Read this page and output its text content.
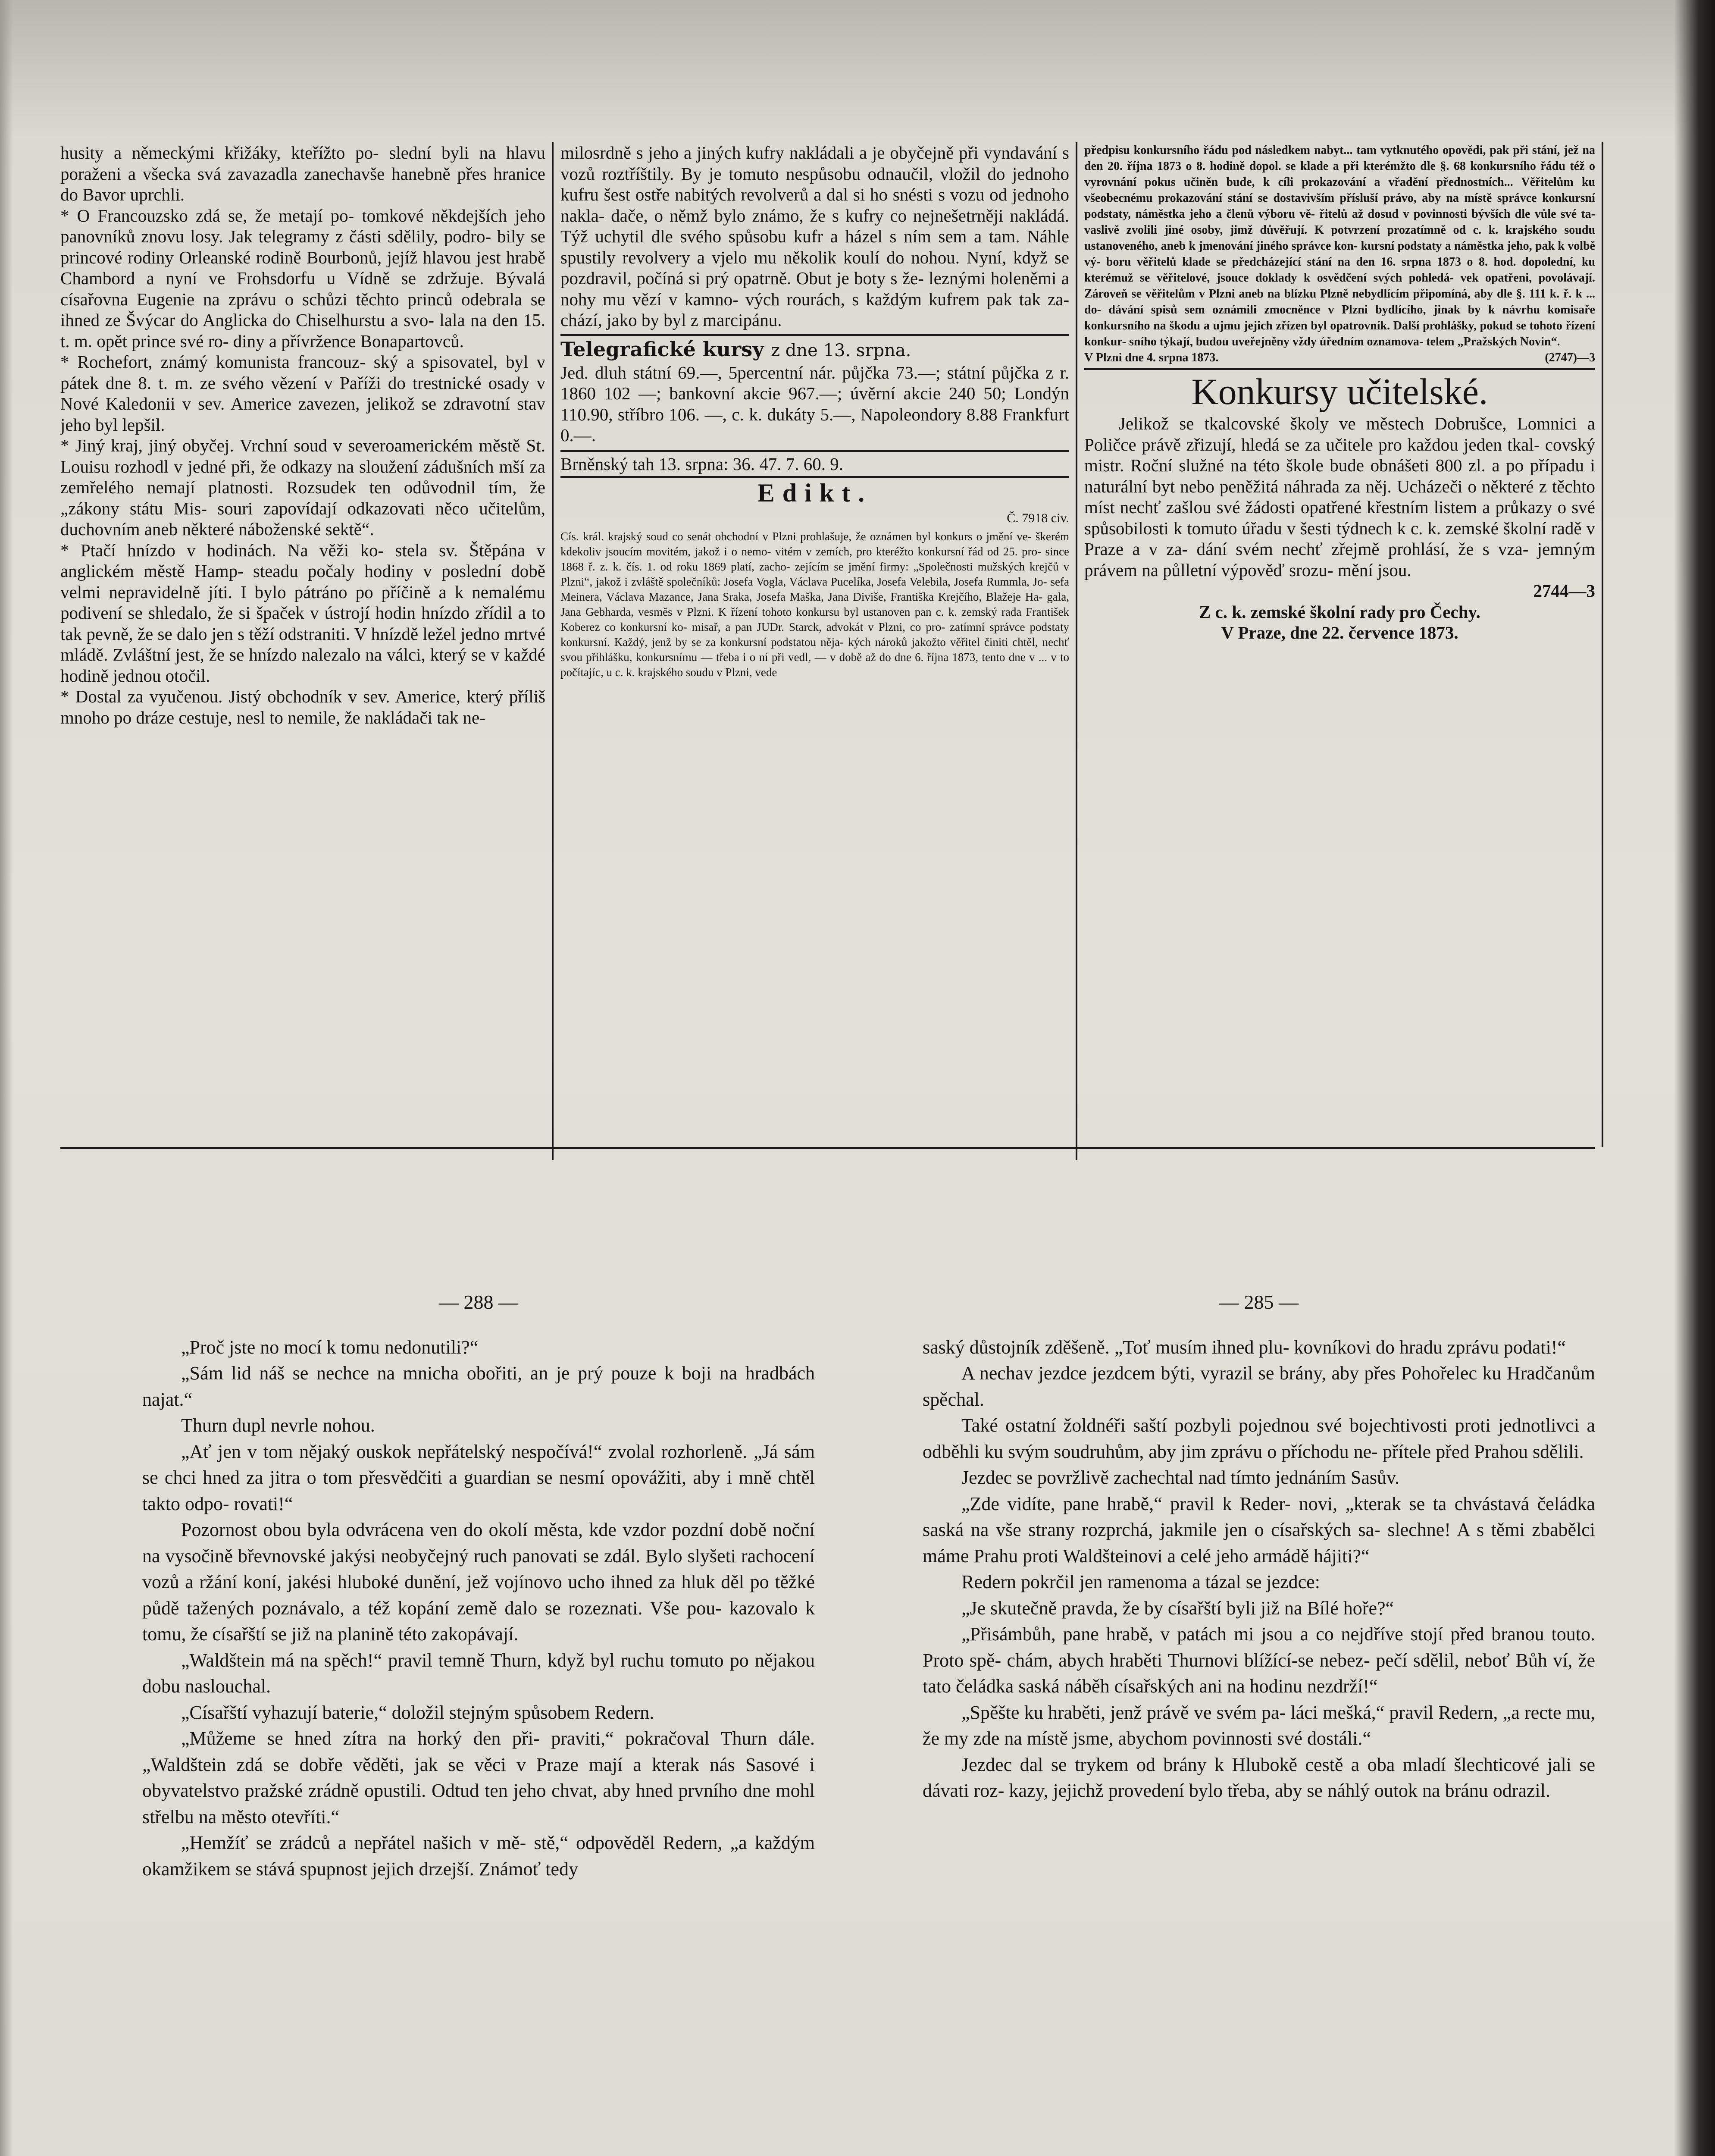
husity a německými křižáky, kteřížto po- slední byli na hlavu poraženi a všecka svá zavazadla zanechavše hanebně přes hranice do Bavor uprchli.

* O Francouzsko zdá se, že metají po- tomkové někdejších jeho panovníků znovu losy. Jak telegramy z části sdělily, podro- bily se princové rodiny Orleanské rodině Bourbonů, jejíž hlavou jest hrabě Chambord a nyní ve Frohsdorfu u Vídně se zdržuje. Bývalá císařovna Eugenie na zprávu o schůzi těchto princů odebrala se ihned ze Švýcar do Anglicka do Chiselhurstu a svo- lala na den 15. t. m. opět prince své ro- diny a přívržence Bonapartovců.

* Rochefort, známý komunista francouz- ský a spisovatel, byl v pátek dne 8. t. m. ze svého vězení v Paříži do trestnické osady v Nové Kaledonii v sev. Americe zavezen, jelikož se zdravotní stav jeho byl lepšil.

* Jiný kraj, jiný obyčej. Vrchní soud v severoamerickém městě St. Louisu rozhodl v jedné při, že odkazy na sloužení zádušních mší za zemřelého nemají platnosti. Rozsudek ten odůvodnil tím, že „zákony státu Mis- souri zapovídají odkazovati něco učitelům, duchovním aneb některé náboženské sektě“.

* Ptačí hnízdo v hodinách. Na věži ko- stela sv. Štěpána v anglickém městě Hamp- steadu počaly hodiny v poslední době velmi nepravidelně jíti. I bylo pátráno po příčině a k nemalému podivení se shledalo, že si špaček v ústrojí hodin hnízdo zřídil a to tak pevně, že se dalo jen s těží odstraniti. V hnízdě ležel jedno mrtvé mládě. Zvláštní jest, že se hnízdo nalezalo na válci, který se v každé hodině jednou otočil.

* Dostal za vyučenou. Jistý obchodník v sev. Americe, který příliš mnoho po dráze cestuje, nesl to nemile, že nakládači tak ne-

milosrdně s jeho a jiných kufry nakládali a je obyčejně při vyndavání s vozů roztříštily. By je tomuto nespůsobu odnaučil, vložil do jednoho kufru šest ostře nabitých revolverů a dal si ho snésti s vozu od jednoho nakla- dače, o němž bylo známo, že s kufry co nejnešetrněji nakládá. Týž uchytil dle svého spůsobu kufr a házel s ním sem a tam. Náhle spustily revolvery a vjelo mu několik koulí do nohou. Nyní, když se pozdravil, počíná si prý opatrně. Obut je boty s že- leznými holeněmi a nohy mu vězí v kamno- vých rourách, s každým kufrem pak tak za- chází, jako by byl z marcipánu.

Telegrafické kursy z dne 13. srpna.

Jed. dluh státní 69.—, 5percentní nár. půjčka 73.—; státní půjčka z r. 1860 102 —; bankovní akcie 967.—; úvěrní akcie 240 50; Londýn 110.90, stříbro 106. —, c. k. dukáty 5.—, Napoleondory 8.88 Frankfurt 0.—.

Brněnský tah 13. srpna: 36. 47. 7. 60. 9.

Edikt.

Č. 7918 civ.

Cís. král. krajský soud co senát obchodní v Plzni prohlašuje, že oznámen byl konkurs o jmění ve- škerém kdekoliv jsoucím movitém, jakož i o nemo- vitém v zemích, pro kteréžto konkursní řád od 25. pro- since 1868 ř. z. k. čís. 1. od roku 1869 platí, zacho- zejícím se jmění firmy: „Společnosti mužských krejčů v Plzni“, jakož i zvláště společníků: Josefa Vogla, Václava Pucelíka, Josefa Velebila, Josefa Rummla, Jo- sefa Meinera, Václava Mazance, Jana Sraka, Josefa Maška, Jana Diviše, Františka Krejčího, Blažeje Ha- gala, Jana Gebharda, vesměs v Plzni. K řízení tohoto konkursu byl ustanoven pan c. k. zemský rada František Koberez co konkursní ko- misař, a pan JUDr. Starck, advokát v Plzni, co pro- zatímní správce podstaty konkursní. Každý, jenž by se za konkursní podstatou něja- kých nároků jakožto věřitel činiti chtěl, nechť svou přihlášku, konkursnímu — třeba i o ní při vedl, — v době až do dne 6. října 1873, tento dne v ... v to počítajíc, u c. k. krajského soudu v Plzni, vede

předpisu konkursního řádu pod následkem nabyt... tam vytknutého opovědi, pak při stání, jež na den 20. října 1873 o 8. hodině dopol. se klade a při kterémžto dle §. 68 konkursního řádu též o vyrovnání pokus učiněn bude, k cíli prokazování a vřadění přednostních... Věřitelům ku všeobecnému prokazování stání se dostavivším přísluší právo, aby na místě správce konkursní podstaty, náměstka jeho a členů výboru vě- řitelů až dosud v povinnosti bývších dle vůle své ta- vaslivě zvolili jiné osoby, jimž důvěřují. K potvrzení prozatímně od c. k. krajského soudu ustanoveného, aneb k jmenování jiného správce kon- kursní podstaty a náměstka jeho, pak k volbě vý- boru věřitelů klade se předcházející stání na den 16. srpna 1873 o 8. hod. dopolední, ku kterémuž se věřitelové, jsouce doklady k osvědčení svých pohledá- vek opatřeni, povolávají. Zároveň se věřitelům v Plzni aneb na blízku Plzně nebydlícím připomíná, aby dle §. 111 k. ř. k ... do- dávání spisů sem oznámili zmocněnce v Plzni bydlícího, jinak by k návrhu komisaře konkursního na škodu a ujmu jejich zřízen byl opatrovník. Další prohlášky, pokud se tohoto řízení konkur- sního týkají, budou uveřejněny vždy úředním oznamova- telem „Pražských Novin“.

V Plzni dne 4. srpna 1873.	(2747)—3

Konkursy učitelské.

Jelikož se tkalcovské školy ve městech Dobrušce, Lomnici a Poličce právě zřizují, hledá se za učitele pro každou jeden tkal- covský mistr. Roční služné na této škole bude obnášeti 800 zl. a po případu i naturální byt nebo peněžitá náhrada za něj. Ucházeči o některé z těchto míst nechť zašlou své žádosti opatřené křestním listem a průkazy o své spůsobilosti k tomuto úřadu v šesti týdnech k c. k. zemské školní radě v Praze a v za- dání svém nechť zřejmě prohlásí, že s vza- jemným právem na půlletní výpověď srozu- mění jsou.

2744—3

Z c. k. zemské školní rady pro Čechy.

V Praze, dne 22. července 1873.

— 288 —

„Proč jste no mocí k tomu nedonutili?“

„Sám lid náš se nechce na mnicha obořiti, an je prý pouze k boji na hradbách najat.“

Thurn dupl nevrle nohou.

„Ať jen v tom nějaký ouskok nepřátelský nespočívá!“ zvolal rozhorleně. „Já sám se chci hned za jitra o tom přesvědčiti a guardian se nesmí opovážiti, aby i mně chtěl takto odpo- rovati!“

Pozornost obou byla odvrácena ven do okolí města, kde vzdor pozdní době noční na vysočině břevnovské jakýsi neobyčejný ruch panovati se zdál. Bylo slyšeti rachocení vozů a ržání koní, jakési hluboké dunění, jež vojínovo ucho ihned za hluk děl po těžké půdě tažených poznávalo, a též kopání země dalo se rozeznati. Vše pou- kazovalo k tomu, že císařští se již na planině této zakopávají.

„Waldštein má na spěch!“ pravil temně Thurn, když byl ruchu tomuto po nějakou dobu naslouchal.

„Císařští vyhazují baterie,“ doložil stejným spůsobem Redern.

„Můžeme se hned zítra na horký den při- praviti,“ pokračoval Thurn dále. „Waldštein zdá se dobře věděti, jak se věci v Praze mají a kterak nás Sasové i obyvatelstvo pražské zrádně opustili. Odtud ten jeho chvat, aby hned prvního dne mohl střelbu na město otevříti.“

„Hemžíť se zrádců a nepřátel našich v mě- stě,“ odpověděl Redern, „a každým okamžikem se stává spupnost jejich drzejší. Známoť tedy

— 285 —

saský důstojník zděšeně. „Toť musím ihned plu- kovníkovi do hradu zprávu podati!“

A nechav jezdce jezdcem býti, vyrazil se brány, aby přes Pohořelec ku Hradčanům spěchal.

Také ostatní žoldnéři saští pozbyli pojednou své bojechtivosti proti jednotlivci a odběhli ku svým soudruhům, aby jim zprávu o příchodu ne- přítele před Prahou sdělili.

Jezdec se povržlivě zachechtal nad tímto jednáním Sasův.

„Zde vidíte, pane hrabě,“ pravil k Reder- novi, „kterak se ta chvástavá čeládka saská na vše strany rozprchá, jakmile jen o císařských sa- slechne! A s těmi zbabělci máme Prahu proti Waldšteinovi a celé jeho armádě hájiti?“

Redern pokrčil jen ramenoma a tázal se jezdce:

„Je skutečně pravda, že by císařští byli již na Bílé hoře?“

„Přisámbůh, pane hrabě, v patách mi jsou a co nejdříve stojí před branou touto. Proto spě- chám, abych hraběti Thurnovi blížící-se nebez- pečí sdělil, neboť Bůh ví, že tato čeládka saská náběh císařských ani na hodinu nezdrží!“

„Spěšte ku hraběti, jenž právě ve svém pa- láci mešká,“ pravil Redern, „a recte mu, že my zde na místě jsme, abychom povinnosti své dostáli.“

Jezdec dal se trykem od brány k Hlubokě cestě a oba mladí šlechticové jali se dávati roz- kazy, jejichž provedení bylo třeba, aby se náhlý outok na bránu odrazil.
